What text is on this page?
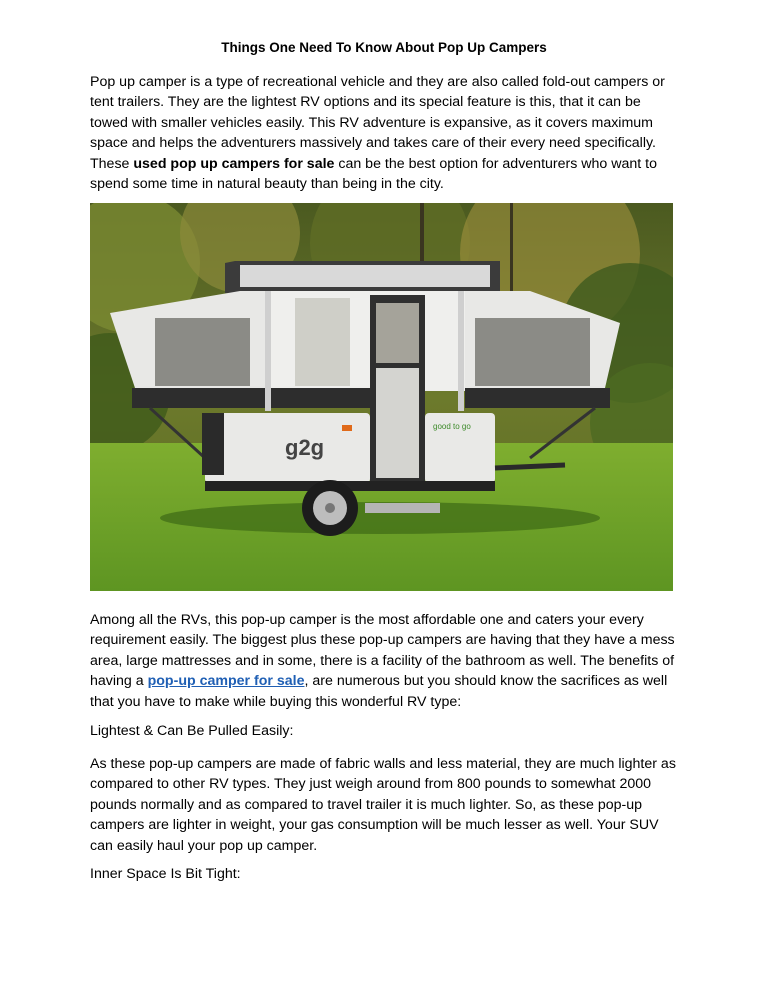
Things One Need To Know About Pop Up Campers

Pop up camper is a type of recreational vehicle and they are also called fold-out campers or tent trailers. They are the lightest RV options and its special feature is this, that it can be towed with smaller vehicles easily. This RV adventure is expansive, as it covers maximum space and helps the adventurers massively and takes care of their every need specifically. These used pop up campers for sale can be the best option for adventurers who want to spend some time in natural beauty than being in the city.

g2g
good to go

Among all the RVs, this pop-up camper is the most affordable one and caters your every requirement easily. The biggest plus these pop-up campers are having that they have a mess area, large mattresses and in some, there is a facility of the bathroom as well. The benefits of having a pop-up camper for sale, are numerous but you should know the sacrifices as well that you have to make while buying this wonderful RV type:

Lightest & Can Be Pulled Easily:

As these pop-up campers are made of fabric walls and less material, they are much lighter as compared to other RV types. They just weigh around from 800 pounds to somewhat 2000 pounds normally and as compared to travel trailer it is much lighter. So, as these pop-up campers are lighter in weight, your gas consumption will be much lesser as well. Your SUV can easily haul your pop up camper.

Inner Space Is Bit Tight:
